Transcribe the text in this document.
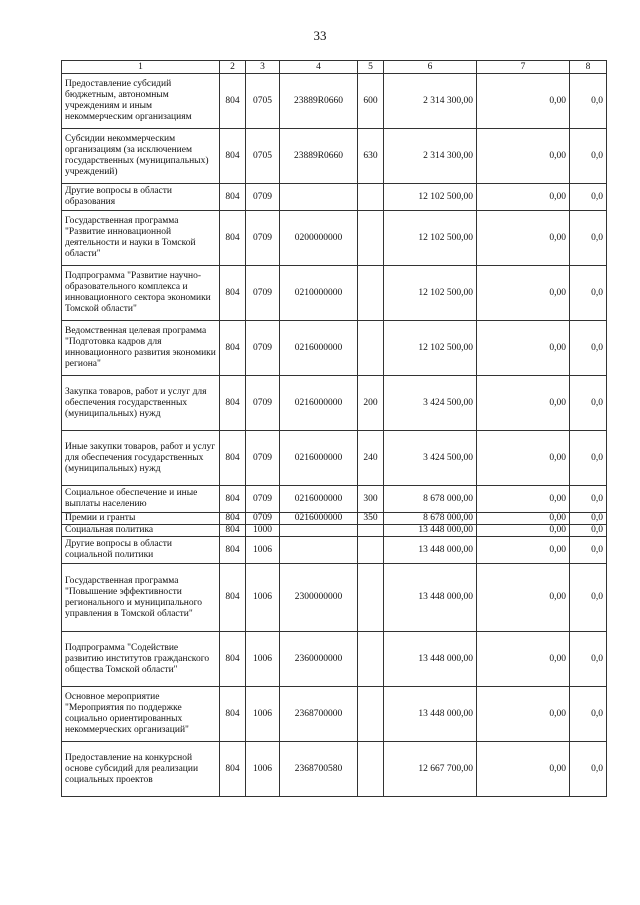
33
1	2	3	4	5	6	7	8
Предоставление субсидий бюджетным, автономным учреждениям и иным некоммерческим организациям	804	0705	23889R0660	600	2 314 300,00	0,00	0,0
Субсидии некоммерческим организациям (за исключением государственных (муниципальных) учреждений)	804	0705	23889R0660	630	2 314 300,00	0,00	0,0
Другие вопросы в области образования	804	0709			12 102 500,00	0,00	0,0
Государственная программа "Развитие инновационной деятельности и науки в Томской области"	804	0709	0200000000		12 102 500,00	0,00	0,0
Подпрограмма "Развитие научно-образовательного комплекса и инновационного сектора экономики Томской области"	804	0709	0210000000		12 102 500,00	0,00	0,0
Ведомственная целевая программа "Подготовка кадров для инновационного развития экономики региона"	804	0709	0216000000		12 102 500,00	0,00	0,0
Закупка товаров, работ и услуг для обеспечения государственных (муниципальных) нужд	804	0709	0216000000	200	3 424 500,00	0,00	0,0
Иные закупки товаров, работ и услуг для обеспечения государственных (муниципальных) нужд	804	0709	0216000000	240	3 424 500,00	0,00	0,0
Социальное обеспечение и иные выплаты населению	804	0709	0216000000	300	8 678 000,00	0,00	0,0
Премии и гранты	804	0709	0216000000	350	8 678 000,00	0,00	0,0
Социальная политика	804	1000			13 448 000,00	0,00	0,0
Другие вопросы в области социальной политики	804	1006			13 448 000,00	0,00	0,0
Государственная программа "Повышение эффективности регионального и муниципального управления в Томской области"	804	1006	2300000000		13 448 000,00	0,00	0,0
Подпрограмма "Содействие развитию институтов гражданского общества Томской области"	804	1006	2360000000		13 448 000,00	0,00	0,0
Основное мероприятие "Мероприятия по поддержке социально ориентированных некоммерческих организаций"	804	1006	2368700000		13 448 000,00	0,00	0,0
Предоставление на конкурсной основе субсидий для реализации социальных проектов	804	1006	2368700580		12 667 700,00	0,00	0,0
